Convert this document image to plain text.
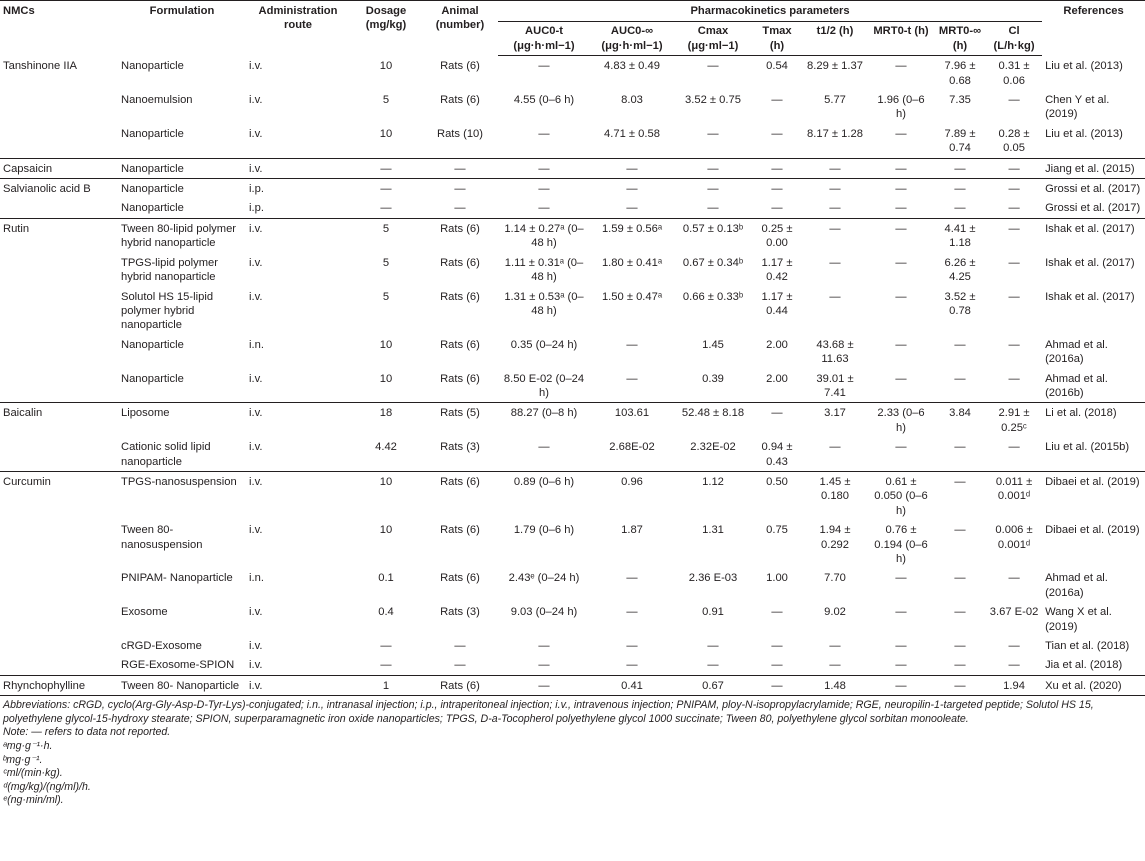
NMCs	Formulation	Administration route	Dosage (mg/kg)	Animal (number)	Pharmacokinetics parameters								References
					AUC0-t (μg·h·ml−1)	AUC0-∞ (μg·h·ml−1)	Cmax (μg·ml−1)	Tmax (h)	t1/2 (h)	MRT0-t (h)	MRT0-∞ (h)	Cl (L/h·kg)	
Tanshinone IIA	Nanoparticle	i.v.	10	Rats (6)	—	4.83 ± 0.49	—	0.54	8.29 ± 1.37	—	7.96 ± 0.68	0.31 ± 0.06	Liu et al. (2013)
	Nanoemulsion	i.v.	5	Rats (6)	4.55 (0–6 h)	8.03	3.52 ± 0.75	—	5.77	1.96 (0–6 h)	7.35	—	Chen Y et al. (2019)
	Nanoparticle	i.v.	10	Rats (10)	—	4.71 ± 0.58	—	—	8.17 ± 1.28	—	7.89 ± 0.74	0.28 ± 0.05	Liu et al. (2013)
Capsaicin	Nanoparticle	i.v.	—	—	—	—	—	—	—	—	—	—	Jiang et al. (2015)
Salvianolic acid B	Nanoparticle	i.p.	—	—	—	—	—	—	—	—	—	—	Grossi et al. (2017)
	Nanoparticle	i.p.	—	—	—	—	—	—	—	—	—	—	Grossi et al. (2017)
Rutin	Tween 80-lipid polymer hybrid nanoparticle	i.v.	5	Rats (6)	1.14 ± 0.27ᵃ (0–48 h)	1.59 ± 0.56ᵃ	0.57 ± 0.13ᵇ	0.25 ± 0.00	—	—	4.41 ± 1.18	—	Ishak et al. (2017)
	TPGS-lipid polymer hybrid nanoparticle	i.v.	5	Rats (6)	1.11 ± 0.31ᵃ (0–48 h)	1.80 ± 0.41ᵃ	0.67 ± 0.34ᵇ	1.17 ± 0.42	—	—	6.26 ± 4.25	—	Ishak et al. (2017)
	Solutol HS 15-lipid polymer hybrid nanoparticle	i.v.	5	Rats (6)	1.31 ± 0.53ᵃ (0–48 h)	1.50 ± 0.47ᵃ	0.66 ± 0.33ᵇ	1.17 ± 0.44	—	—	3.52 ± 0.78	—	Ishak et al. (2017)
	Nanoparticle	i.n.	10	Rats (6)	0.35 (0–24 h)	—	1.45	2.00	43.68 ± 11.63	—	—	—	Ahmad et al. (2016a)
	Nanoparticle	i.v.	10	Rats (6)	8.50 E-02 (0–24 h)	—	0.39	2.00	39.01 ± 7.41	—	—	—	Ahmad et al. (2016b)
Baicalin	Liposome	i.v.	18	Rats (5)	88.27 (0–8 h)	103.61	52.48 ± 8.18	—	3.17	2.33 (0–6 h)	3.84	2.91 ± 0.25ᶜ	Li et al. (2018)
	Cationic solid lipid nanoparticle	i.v.	4.42	Rats (3)	—	2.68E-02	2.32E-02	0.94 ± 0.43	—	—	—	—	Liu et al. (2015b)
Curcumin	TPGS-nanosuspension	i.v.	10	Rats (6)	0.89 (0–6 h)	0.96	1.12	0.50	1.45 ± 0.180	0.61 ± 0.050 (0–6 h)	—	0.011 ± 0.001ᵈ	Dibaei et al. (2019)
	Tween 80-nanosuspension	i.v.	10	Rats (6)	1.79 (0–6 h)	1.87	1.31	0.75	1.94 ± 0.292	0.76 ± 0.194 (0–6 h)	—	0.006 ± 0.001ᵈ	Dibaei et al. (2019)
	PNIPAM- Nanoparticle	i.n.	0.1	Rats (6)	2.43ᵉ (0–24 h)	—	2.36 E-03	1.00	7.70	—	—	—	Ahmad et al. (2016a)
	Exosome	i.v.	0.4	Rats (3)	9.03 (0–24 h)	—	0.91	—	9.02	—	—	3.67 E-02	Wang X et al. (2019)
	cRGD-Exosome	i.v.	—	—	—	—	—	—	—	—	—	—	Tian et al. (2018)
	RGE-Exosome-SPION	i.v.	—	—	—	—	—	—	—	—	—	—	Jia et al. (2018)
Rhynchophylline	Tween 80- Nanoparticle	i.v.	1	Rats (6)	—	0.41	0.67	—	1.48	—	—	1.94	Xu et al. (2020)
Abbreviations: cRGD, cyclo(Arg-Gly-Asp-D-Tyr-Lys)-conjugated; i.n., intranasal injection; i.p., intraperitoneal injection; i.v., intravenous injection; PNIPAM, ploy-N-isopropylacrylamide; RGE, neuropilin-1-targeted peptide; Solutol HS 15, polyethylene glycol-15-hydroxy stearate; SPION, superparamagnetic iron oxide nanoparticles; TPGS, D-a-Tocopherol polyethylene glycol 1000 succinate; Tween 80, polyethylene glycol sorbitan monooleate.
Note: — refers to data not reported.
ᵃmg·g⁻¹·h.
ᵇmg·g⁻¹.
ᶜml/(min·kg).
ᵈ(mg/kg)/(ng/ml)/h.
ᵉ(ng·min/ml).
